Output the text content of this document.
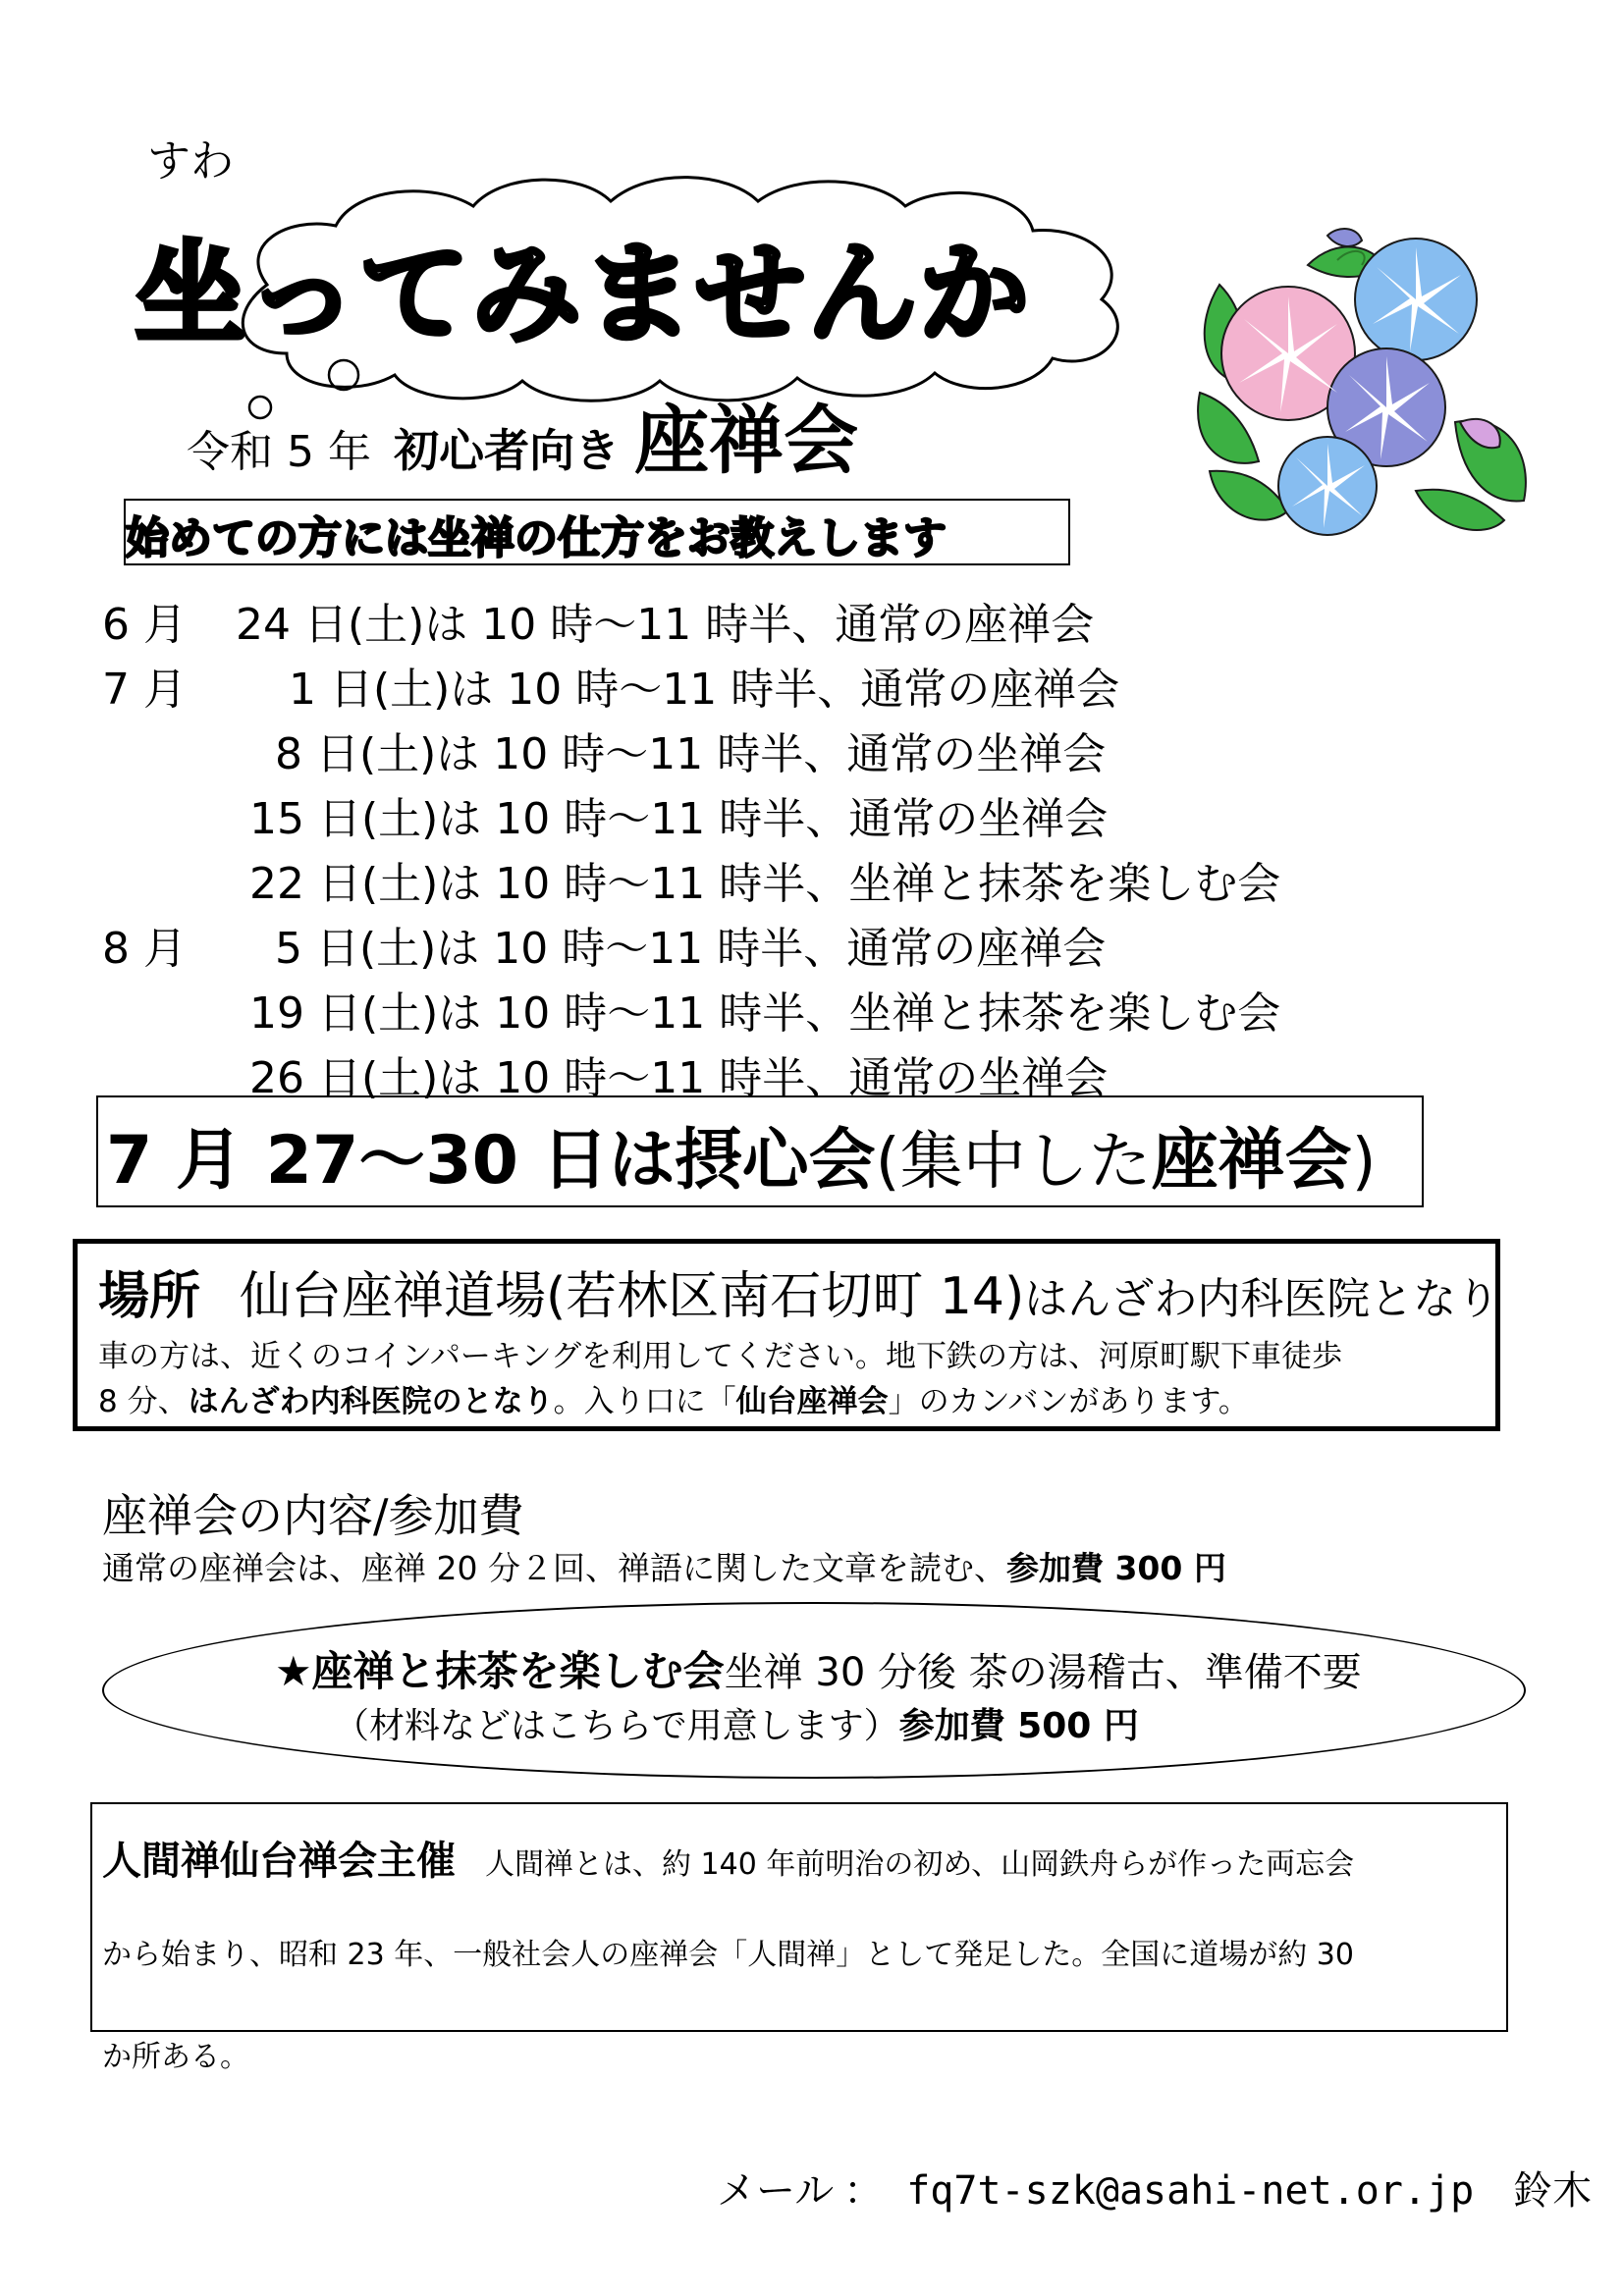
すわ
坐ってみませんか
令和 5 年 初心者向き 座禅会
始めての方には坐禅の仕方をお教えします
6 月 24 日(土)は 10 時～11 時半、通常の座禅会
7 月 1 日(土)は 10 時～11 時半、通常の座禅会
8 日(土)は 10 時～11 時半、通常の坐禅会
15 日(土)は 10 時～11 時半、通常の坐禅会
22 日(土)は 10 時～11 時半、坐禅と抹茶を楽しむ会
8 月 5 日(土)は 10 時～11 時半、通常の座禅会
19 日(土)は 10 時～11 時半、坐禅と抹茶を楽しむ会
26 日(土)は 10 時～11 時半、通常の坐禅会
7 月 27～30 日は摂心会(集中した座禅会)
場所 仙台座禅道場(若林区南石切町 14)はんざわ内科医院となり
車の方は、近くのコインパーキングを利用してください。地下鉄の方は、河原町駅下車徒歩
8 分、はんざわ内科医院のとなり。入り口に「仙台座禅会」のカンバンがあります。
座禅会の内容/参加費
通常の座禅会は、座禅 20 分２回、禅語に関した文章を読む、参加費 300 円
★座禅と抹茶を楽しむ会坐禅 30 分後 茶の湯稽古、準備不要
（材料などはこちらで用意します）参加費 500 円
人間禅仙台禅会主催 人間禅とは、約 140 年前明治の初め、山岡鉄舟らが作った両忘会
から始まり、昭和 23 年、一般社会人の座禅会「人間禅」として発足した。全国に道場が約 30
か所ある。
メール ： fq7t-szk@asahi-net.or.jp 鈴木
